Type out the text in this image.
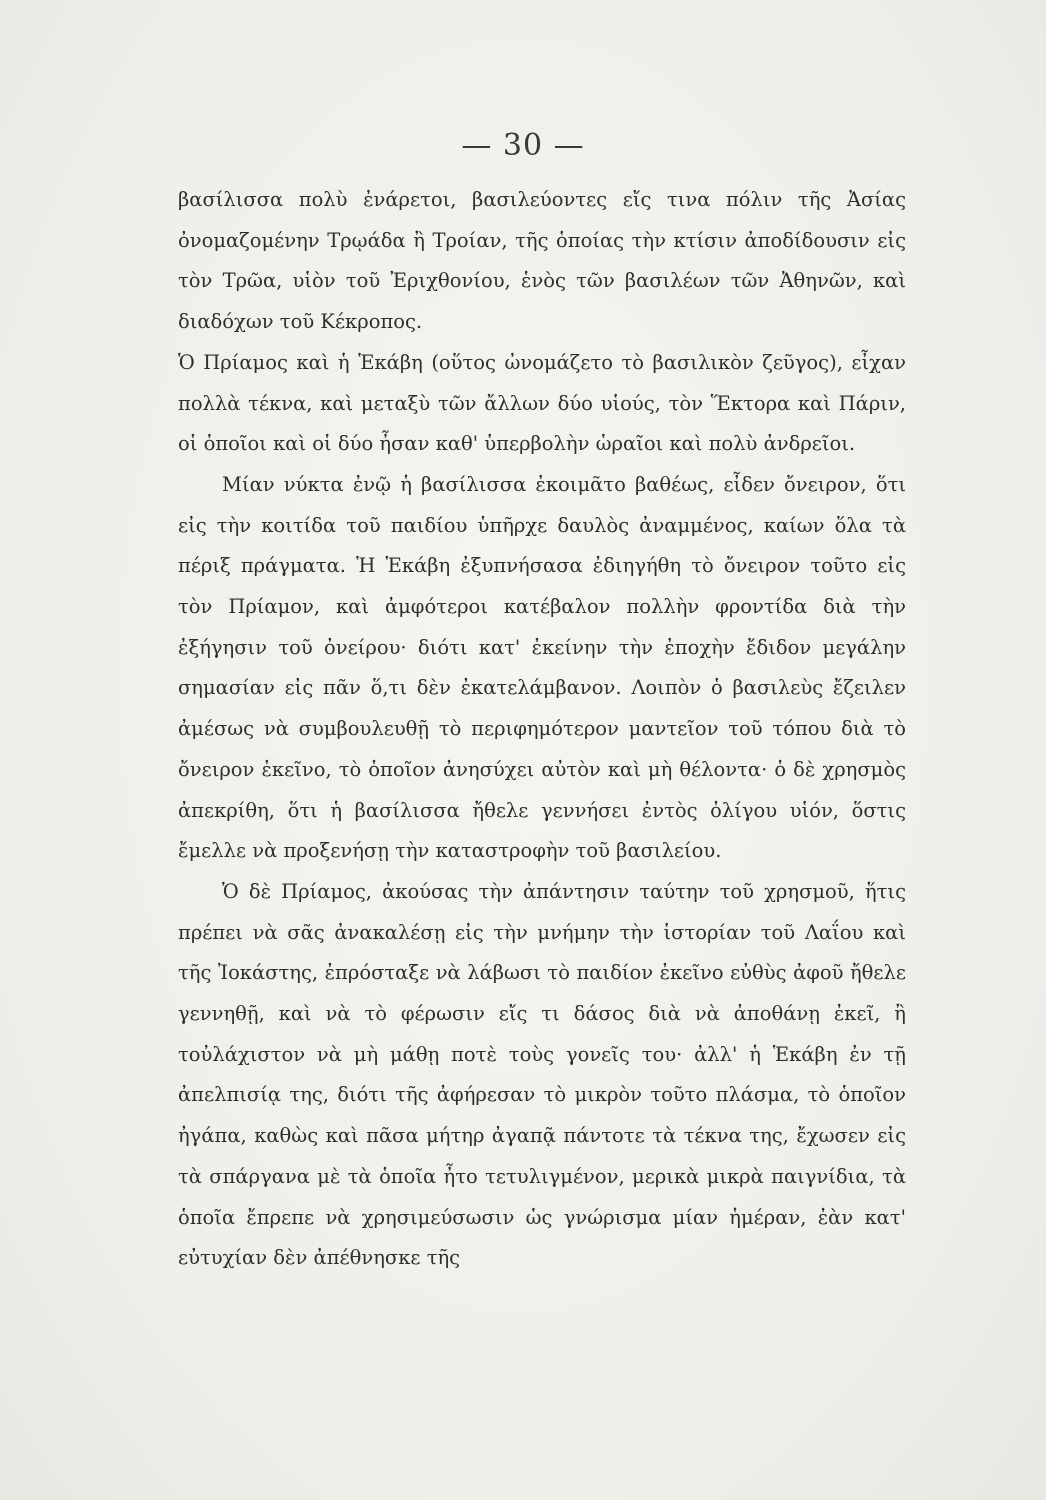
— 30 —

βασίλισσα πολὺ ἐνάρετοι, βασιλεύοντες εἴς τινα πόλιν τῆς Ἀσίας ὀνομαζομένην Τρῳάδα ἢ Τροίαν, τῆς ὁποίας τὴν κτίσιν ἀποδίδουσιν εἰς τὸν Τρῶα, υἱὸν τοῦ Ἐριχθονίου, ἑνὸς τῶν βασιλέων τῶν Ἀθηνῶν, καὶ διαδόχων τοῦ Κέκροπος.

Ὁ Πρίαμος καὶ ἡ Ἑκάβη (οὕτος ὠνομάζετο τὸ βασιλικὸν ζεῦγος), εἶχαν πολλὰ τέκνα, καὶ μεταξὺ τῶν ἄλλων δύο υἱούς, τὸν Ἕκτορα καὶ Πάριν, οἱ ὁποῖοι καὶ οἱ δύο ἦσαν καθ' ὑπερβολὴν ὡραῖοι καὶ πολὺ ἀνδρεῖοι.

Μίαν νύκτα ἐνῷ ἡ βασίλισσα ἐκοιμᾶτο βαθέως, εἶδεν ὄνειρον, ὅτι εἰς τὴν κοιτίδα τοῦ παιδίου ὑπῆρχε δαυλὸς ἀναμμένος, καίων ὅλα τὰ πέριξ πράγματα. Ἡ Ἑκάβη ἐξυπνήσασα ἐδιηγήθη τὸ ὄνειρον τοῦτο εἰς τὸν Πρίαμον, καὶ ἀμφότεροι κατέβαλον πολλὴν φροντίδα διὰ τὴν ἐξήγησιν τοῦ ὀνείρου· διότι κατ' ἐκείνην τὴν ἐποχὴν ἔδιδον μεγάλην σημασίαν εἰς πᾶν ὅ,τι δὲν ἐκατελάμβανον. Λοιπὸν ὁ βασιλεὺς ἔζειλεν ἀμέσως νὰ συμβουλευθῇ τὸ περιφημότερον μαντεῖον τοῦ τόπου διὰ τὸ ὄνειρον ἐκεῖνο, τὸ ὁποῖον ἀνησύχει αὐτὸν καὶ μὴ θέλοντα· ὁ δὲ χρησμὸς ἀπεκρίθη, ὅτι ἡ βασίλισσα ἤθελε γεννήσει ἐντὸς ὀλίγου υἱόν, ὅστις ἔμελλε νὰ προξενήσῃ τὴν καταστροφὴν τοῦ βασιλείου.

Ὁ δὲ Πρίαμος, ἀκούσας τὴν ἀπάντησιν ταύτην τοῦ χρησμοῦ, ἥτις πρέπει νὰ σᾶς ἀνακαλέσῃ εἰς τὴν μνήμην τὴν ἱστορίαν τοῦ Λαΐου καὶ τῆς Ἰοκάστης, ἐπρόσταξε νὰ λάβωσι τὸ παιδίον ἐκεῖνο εὐθὺς ἀφοῦ ἤθελε γεννηθῇ, καὶ νὰ τὸ φέρωσιν εἴς τι δάσος διὰ νὰ ἀποθάνῃ ἐκεῖ, ἢ τοὐλάχιστον νὰ μὴ μάθῃ ποτὲ τοὺς γονεῖς του· ἀλλ' ἡ Ἑκάβη ἐν τῇ ἀπελπισίᾳ της, διότι τῆς ἀφήρεσαν τὸ μικρὸν τοῦτο πλάσμα, τὸ ὁποῖον ἠγάπα, καθὼς καὶ πᾶσα μήτηρ ἀγαπᾷ πάντοτε τὰ τέκνα της, ἔχωσεν εἰς τὰ σπάργανα μὲ τὰ ὁποῖα ἦτο τετυλιγμένον, μερικὰ μικρὰ παιγνίδια, τὰ ὁποῖα ἔπρεπε νὰ χρησιμεύσωσιν ὡς γνώρισμα μίαν ἡμέραν, ἐὰν κατ' εὐτυχίαν δὲν ἀπέθνησκε τῆς
